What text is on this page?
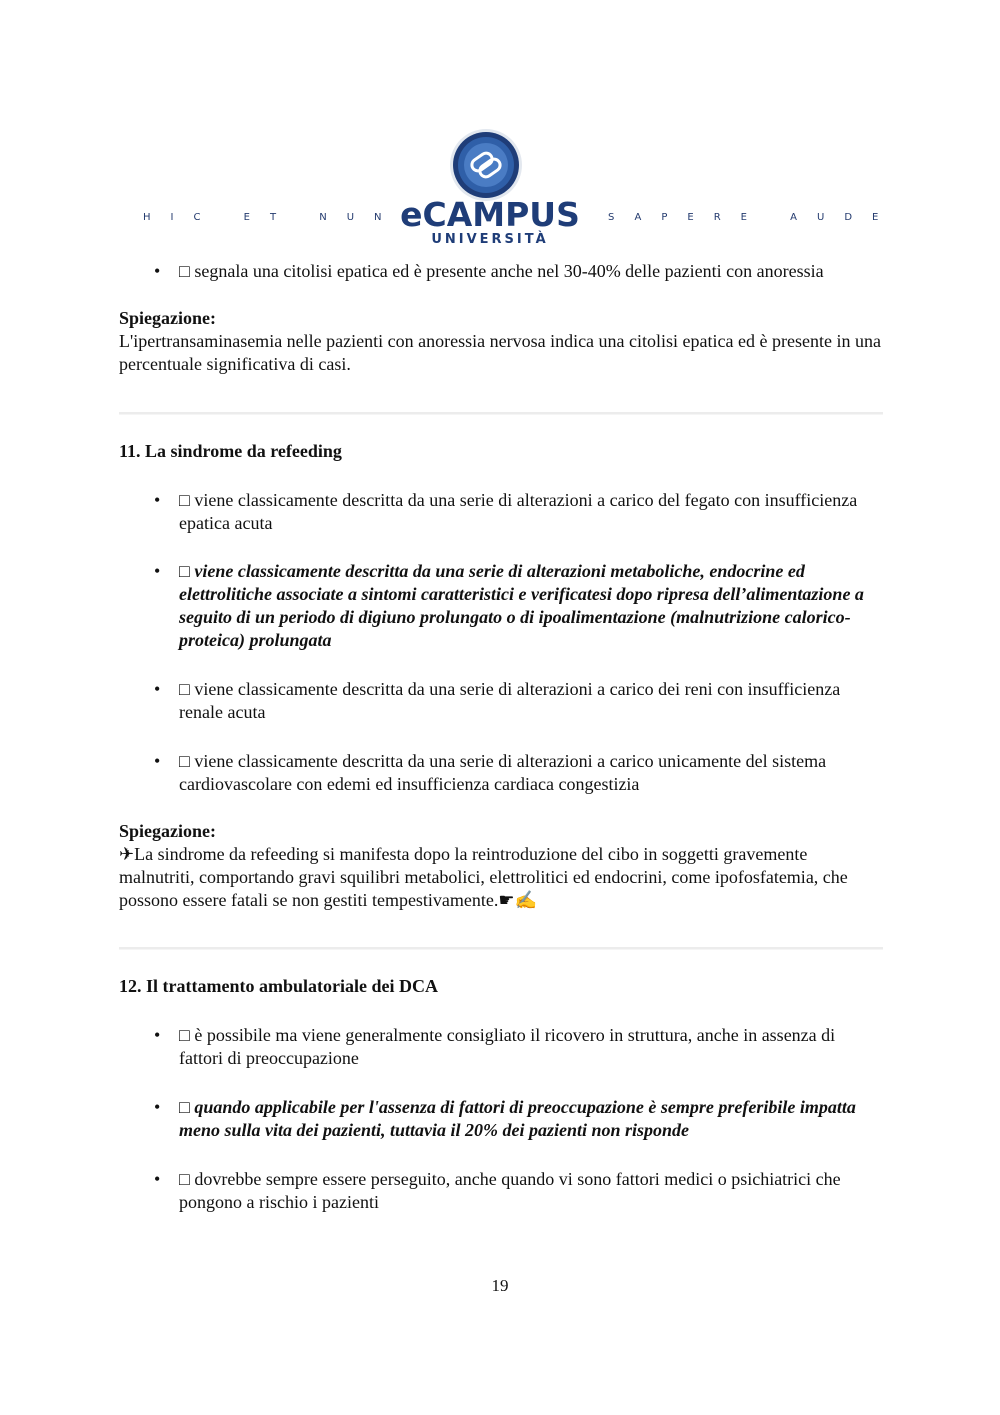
HIC ET NUNC	SAPERE AUDE
eCAMPUS
UNIVERSITÀ
• □ segnala una citolisi epatica ed è presente anche nel 30-40% delle pazienti con anoressia
Spiegazione:
L'ipertransaminasemia nelle pazienti con anoressia nervosa indica una citolisi epatica ed è presente in una percentuale significativa di casi.
11. La sindrome da refeeding
• □ viene classicamente descritta da una serie di alterazioni a carico del fegato con insufficienza epatica acuta
• □ viene classicamente descritta da una serie di alterazioni metaboliche, endocrine ed elettrolitiche associate a sintomi caratteristici e verificatesi dopo ripresa dell’alimentazione a seguito di un periodo di digiuno prolungato o di ipoalimentazione (malnutrizione calorico-proteica) prolungata
• □ viene classicamente descritta da una serie di alterazioni a carico dei reni con insufficienza renale acuta
• □ viene classicamente descritta da una serie di alterazioni a carico unicamente del sistema cardiovascolare con edemi ed insufficienza cardiaca congestizia
Spiegazione:
✈La sindrome da refeeding si manifesta dopo la reintroduzione del cibo in soggetti gravemente malnutriti, comportando gravi squilibri metabolici, elettrolitici ed endocrini, come ipofosfatemia, che possono essere fatali se non gestiti tempestivamente.☛✍
12. Il trattamento ambulatoriale dei DCA
• □ è possibile ma viene generalmente consigliato il ricovero in struttura, anche in assenza di fattori di preoccupazione
• □ quando applicabile per l'assenza di fattori di preoccupazione è sempre preferibile impatta meno sulla vita dei pazienti, tuttavia il 20% dei pazienti non risponde
• □ dovrebbe sempre essere perseguito, anche quando vi sono fattori medici o psichiatrici che pongono a rischio i pazienti
19
